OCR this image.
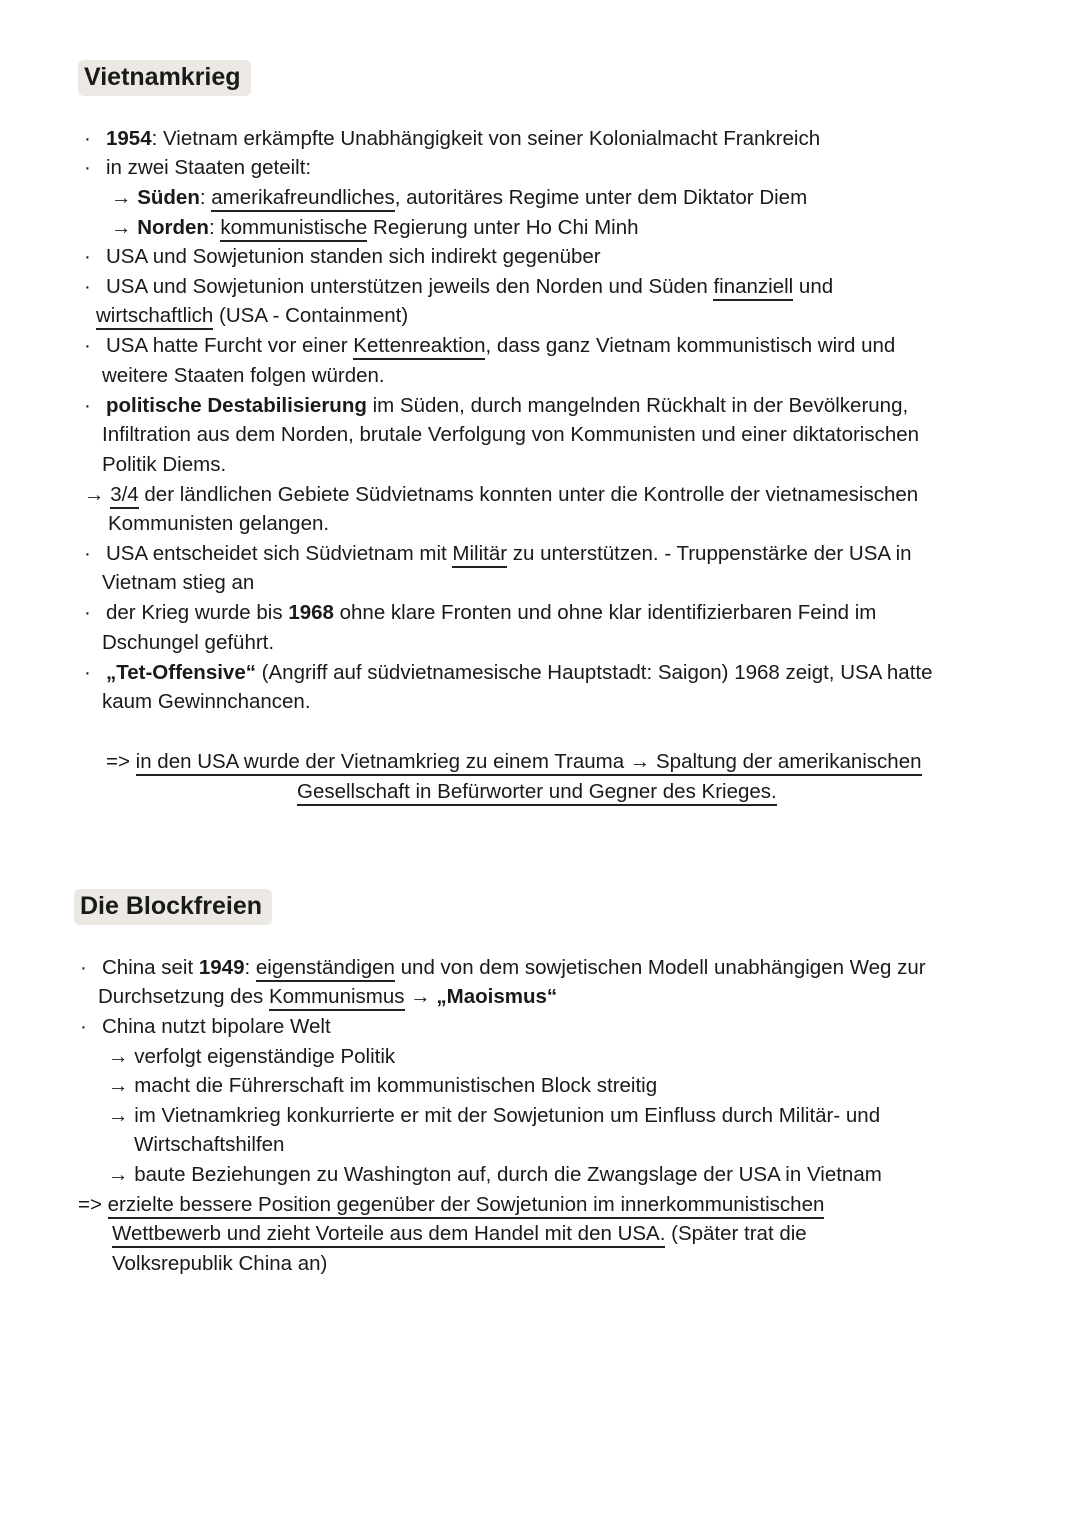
Vietnamkrieg
· 1954: Vietnam erkämpfte Unabhängigkeit von seiner Kolonialmacht Frankreich
· in zwei Staaten geteilt:
→ Süden: amerikafreundliches, autoritäres Regime unter dem Diktator Diem
→ Norden: kommunistische Regierung unter Ho Chi Minh
· USA und Sowjetunion standen sich indirekt gegenüber
· USA und Sowjetunion unterstützen jeweils den Norden und Süden finanziell und
wirtschaftlich (USA - Containment)
· USA hatte Furcht vor einer Kettenreaktion, dass ganz Vietnam kommunistisch wird und
weitere Staaten folgen würden.
· politische Destabilisierung im Süden, durch mangelnden Rückhalt in der Bevölkerung,
Infiltration aus dem Norden, brutale Verfolgung von Kommunisten und einer diktatorischen
Politik Diems.
→ 3/4 der ländlichen Gebiete Südvietnams konnten unter die Kontrolle der vietnamesischen
Kommunisten gelangen.
· USA entscheidet sich Südvietnam mit Militär zu unterstützen. - Truppenstärke der USA in
Vietnam stieg an
· der Krieg wurde bis 1968 ohne klare Fronten und ohne klar identifizierbaren Feind im
Dschungel geführt.
· „Tet-Offensive“ (Angriff auf südvietnamesische Hauptstadt: Saigon) 1968 zeigt, USA hatte
kaum Gewinnchancen.
=> in den USA wurde der Vietnamkrieg zu einem Trauma → Spaltung der amerikanischen
Gesellschaft in Befürworter und Gegner des Krieges.
Die Blockfreien
· China seit 1949: eigenständigen und von dem sowjetischen Modell unabhängigen Weg zur
Durchsetzung des Kommunismus → „Maoismus“
· China nutzt bipolare Welt
→ verfolgt eigenständige Politik
→ macht die Führerschaft im kommunistischen Block streitig
→ im Vietnamkrieg konkurrierte er mit der Sowjetunion um Einfluss durch Militär- und
Wirtschaftshilfen
→ baute Beziehungen zu Washington auf, durch die Zwangslage der USA in Vietnam
=> erzielte bessere Position gegenüber der Sowjetunion im innerkommunistischen
Wettbewerb und zieht Vorteile aus dem Handel mit den USA. (Später trat die
Volksrepublik China an)
